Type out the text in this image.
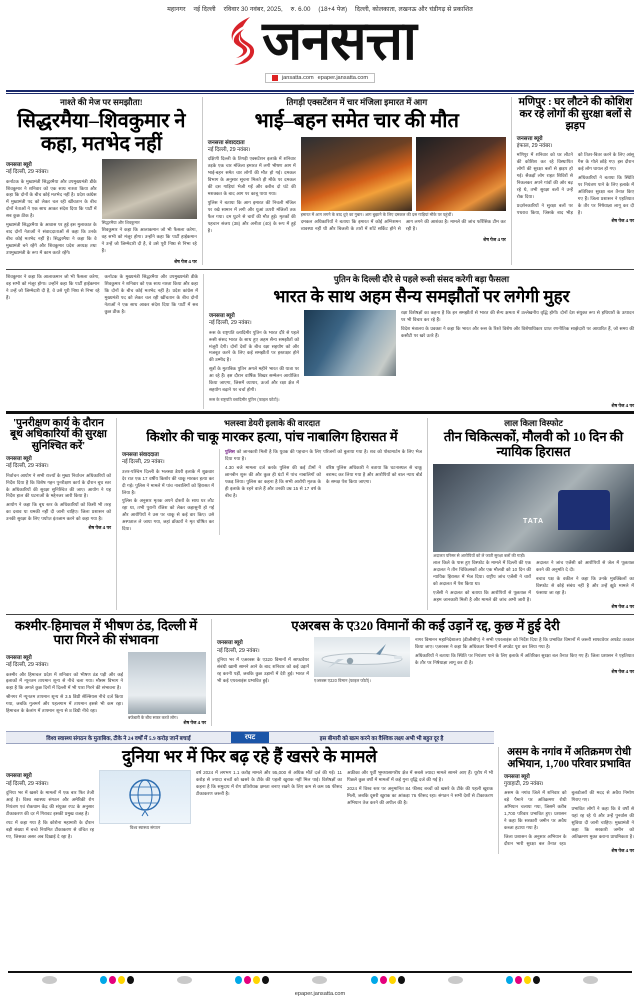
महानगर नई दिल्ली रविवार 30 नवंबर, 2025, रु. 6.00 (18+4 पेज) दिल्ली, कोलकाता, लखनऊ और चंडीगढ़ से प्रकाशित
जनसत्ता
jansatta.com epaper.jansatta.com
नाश्ते की मेज पर समझौता!
सिद्धरमैया–शिवकुमार ने कहा, मतभेद नहीं
जनसत्ता ब्यूरो
नई दिल्ली, 29 नवंबर।

कर्नाटक के मुख्यमंत्री सिद्धरमैया और उपमुख्यमंत्री डीके शिवकुमार ने शनिवार को एक साथ नाश्ता किया और कहा कि दोनों के बीच कोई मतभेद नहीं है। प्रदेश कांग्रेस में मुख्यमंत्री पद को लेकर चल रही खींचतान के बीच दोनों नेताओं ने एक साथ आकर संदेश दिया कि पार्टी में सब कुछ ठीक है।

मुख्यमंत्री सिद्धरमैया के आवास पर हुई इस मुलाकात के बाद दोनों नेताओं ने संवाददाताओं से कहा कि उनके बीच कोई मतभेद नहीं है। सिद्धरमैया ने कहा कि वे मुख्यमंत्री बने रहेंगे और शिवकुमार प्रदेश अध्यक्ष तथा उपमुख्यमंत्री के रूप में काम करते रहेंगे।

सिद्धरमैया और शिवकुमार

शिवकुमार ने कहा कि आलाकमान जो भी फैसला करेगा, वह सभी को मंजूर होगा। उन्होंने कहा कि पार्टी हाईकमान ने उन्हें जो जिम्मेदारी दी है, वे उसे पूरी निष्ठा से निभा रहे हैं।

शेष पेज 4 पर
तिगड़ी एक्सटेंशन में चार मंजिला इमारत में आग
भाई–बहन समेत चार की मौत
जनसत्ता संवाददाता
नई दिल्ली, 29 नवंबर।

दक्षिणी दिल्ली के तिगड़ी एक्सटेंशन इलाके में शनिवार तड़के एक चार मंजिला इमारत में लगी भीषण आग में भाई-बहन समेत चार लोगों की मौत हो गई। दमकल विभाग के अनुसार सूचना मिलते ही मौके पर दमकल की दस गाड़ियां भेजी गईं और करीब दो घंटे की मशक्कत के बाद आग पर काबू पाया गया।

पुलिस ने बताया कि आग इमारत की निचली मंजिल पर रखे सामान में लगी और धुआं ऊपरी मंजिलों तक फैल गया। दम घुटने से चारों की मौत हुई। मृतकों की पहचान संजय (38) और अनीता (40) के रूप में हुई है।

इमारत में आग लगने के बाद धुएं का गुबार। आग बुझाने के लिए दमकल की दस गाड़ियां मौके पर पहुंचीं।

दमकल अधिकारियों ने बताया कि इमारत में कोई अग्निशमन व्यवस्था नहीं थी और बिजली के तारों में शॉर्ट सर्किट होने से आग लगने की आशंका है। मामले की जांच फॉरेंसिक टीम कर रही है।

शेष पेज 4 पर
मणिपुर : घर लौटने की कोशिश कर रहे लोगों की सुरक्षा बलों से झड़प
जनसत्ता ब्यूरो
इंफाल, 29 नवंबर।

मणिपुर में शनिवार को घर लौटने की कोशिश कर रहे विस्थापित लोगों की सुरक्षा बलों से झड़प हो गई। सैकड़ों लोग राहत शिविरों से निकलकर अपने गांवों की ओर बढ़ रहे थे, तभी सुरक्षा बलों ने उन्हें रोक दिया।

प्रदर्शनकारियों ने सुरक्षा बलों पर पथराव किया, जिसके बाद भीड़ को तितर-बितर करने के लिए आंसू गैस के गोले छोड़े गए। इस दौरान कई लोग घायल हो गए।

अधिकारियों ने बताया कि स्थिति पर नियंत्रण पाने के लिए इलाके में अतिरिक्त सुरक्षा बल तैनात किए गए हैं। जिला प्रशासन ने एहतियात के तौर पर निषेधाज्ञा लागू कर दी है।

शेष पेज 4 पर

शिवकुमार ने कहा कि आलाकमान जो भी फैसला करेगा, वह सभी को मंजूर होगा। उन्होंने कहा कि पार्टी हाईकमान ने उन्हें जो जिम्मेदारी दी है, वे उसे पूरी निष्ठा से निभा रहे हैं।

कर्नाटक के मुख्यमंत्री सिद्धरमैया और उपमुख्यमंत्री डीके शिवकुमार ने शनिवार को एक साथ नाश्ता किया और कहा कि दोनों के बीच कोई मतभेद नहीं है। प्रदेश कांग्रेस में मुख्यमंत्री पद को लेकर चल रही खींचतान के बीच दोनों नेताओं ने एक साथ आकर संदेश दिया कि पार्टी में सब कुछ ठीक है।

पुतिन के दिल्ली दौरे से पहले रूसी संसद करेगी बड़ा फैसला
भारत के साथ अहम सैन्य समझौतों पर लगेगी मुहर
जनसत्ता ब्यूरो
नई दिल्ली, 29 नवंबर।

रूस के राष्ट्रपति व्लादिमीर पुतिन के भारत दौरे से पहले रूसी संसद भारत के साथ हुए अहम सैन्य समझौतों को मंजूरी देगी। दोनों देशों के बीच रक्षा सहयोग को और मजबूत करने के लिए कई समझौतों पर हस्ताक्षर होने की उम्मीद है।

सूत्रों के मुताबिक पुतिन अगले महीने भारत की यात्रा पर आ रहे हैं। इस दौरान वार्षिक शिखर सम्मेलन आयोजित किया जाएगा, जिसमें व्यापार, ऊर्जा और रक्षा क्षेत्र में सहयोग बढ़ाने पर चर्चा होगी।

रक्षा विशेषज्ञों का कहना है कि इन समझौतों से भारत की सैन्य क्षमता में उल्लेखनीय वृद्धि होगी। दोनों देश संयुक्त रूप से हथियारों के उत्पादन पर भी विचार कर रहे हैं।

विदेश मंत्रालय के प्रवक्ता ने कहा कि भारत और रूस के रिश्ते विशेष और विशेषाधिकार प्राप्त रणनीतिक साझेदारी पर आधारित हैं, जो समय की कसौटी पर खरे उतरे हैं।

रूस के राष्ट्रपति व्लादिमीर पुतिन (फाइल फोटो)।
शेष पेज 4 पर
'पुनरीक्षण कार्य के दौरान बूथ अधिकारियों की सुरक्षा सुनिश्चित करें'
जनसत्ता ब्यूरो
नई दिल्ली, 29 नवंबर।

निर्वाचन आयोग ने सभी राज्यों के मुख्य निर्वाचन अधिकारियों को निर्देश दिया है कि विशेष गहन पुनरीक्षण कार्य के दौरान बूथ स्तर के अधिकारियों की सुरक्षा सुनिश्चित की जाए। आयोग ने यह निर्देश हाल की घटनाओं के मद्देनजर जारी किया है।

आयोग ने कहा कि बूथ स्तर के अधिकारियों को किसी भी तरह का दबाव या धमकी नहीं दी जानी चाहिए। जिला प्रशासन को उनकी सुरक्षा के लिए पर्याप्त इंतजाम करने को कहा गया है।

शेष पेज 4 पर
भलस्वा डेयरी इलाके की वारदात
किशोर की चाकू मारकर हत्या, पांच नाबालिग हिरासत में
जनसत्ता संवाददाता
नई दिल्ली, 29 नवंबर।

उत्तर-पश्चिम दिल्ली के भलस्वा डेयरी इलाके में शुक्रवार देर रात एक 17 वर्षीय किशोर की चाकू मारकर हत्या कर दी गई। पुलिस ने मामले में पांच नाबालिगों को हिरासत में लिया है।

पुलिस के अनुसार मृतक अपने दोस्तों के साथ घर लौट रहा था, तभी पुरानी रंजिश को लेकर कहासुनी हो गई और आरोपियों ने उस पर चाकू से कई वार किए। उसे अस्पताल ले जाया गया, जहां डॉक्टरों ने मृत घोषित कर दिया।

पुलिस को जानकारी मिली है कि युवक की पहचान के लिए परिजनों को बुलाया गया है। शव को पोस्टमार्टम के लिए भेज दिया गया है।

4.30 बजे मामला दर्ज करके पुलिस की कई टीमों ने छानबीन शुरू की और कुछ ही घंटों में पांच नाबालिगों को पकड़ लिया। पुलिस का कहना है कि सभी आरोपी मृतक के ही इलाके के रहने वाले हैं और उनकी उम्र 15 से 17 वर्ष के बीच है।

वरिष्ठ पुलिस अधिकारी ने बताया कि घटनास्थल से चाकू बरामद कर लिया गया है और आरोपियों को बाल न्याय बोर्ड के समक्ष पेश किया जाएगा।

लाल किला विस्फोट
तीन चिकित्सकों, मौलवी को 10 दिन की न्यायिक हिरासत
TATA
अदालत परिसर से आरोपियों को ले जाती सुरक्षा बलों की गाड़ी।

लाल किले के पास हुए विस्फोट के मामले में दिल्ली की एक अदालत ने तीन चिकित्सकों और एक मौलवी को 10 दिन की न्यायिक हिरासत में भेज दिया। राष्ट्रीय जांच एजेंसी ने चारों को अदालत में पेश किया था।

एजेंसी ने अदालत को बताया कि आरोपियों से पूछताछ में अहम जानकारी मिली है और मामले की जांच अभी जारी है। अदालत ने जांच एजेंसी को आरोपियों से जेल में पूछताछ करने की अनुमति दे दी।

बचाव पक्ष के वकील ने कहा कि उनके मुवक्किलों का विस्फोट से कोई संबंध नहीं है और उन्हें झूठे मामले में फंसाया जा रहा है।

शेष पेज 4 पर
कश्मीर-हिमाचल में भीषण ठंड, दिल्ली में पारा गिरने की संभावना
जनसत्ता ब्यूरो
नई दिल्ली, 29 नवंबर।

कश्मीर और हिमाचल प्रदेश में शनिवार को भीषण ठंड पड़ी और कई इलाकों में न्यूनतम तापमान शून्य से नीचे चला गया। मौसम विभाग ने कहा है कि अगले कुछ दिनों में दिल्ली में भी पारा गिरने की संभावना है।

श्रीनगर में न्यूनतम तापमान शून्य से 3.5 डिग्री सेल्सियस नीचे दर्ज किया गया, जबकि गुलमर्ग और पहलगाम में तापमान इससे भी कम रहा। हिमाचल के केलांग में तापमान शून्य से 8 डिग्री नीचे रहा।

बर्फबारी के बीच सफर करते लोग।
शेष पेज 4 पर
एअरबस के ए320 विमानों की कई उड़ानें रद्द, कुछ में हुई देरी
जनसत्ता ब्यूरो
नई दिल्ली, 29 नवंबर।

दुनिया भर में एअरबस के ए320 विमानों में साफ्टवेयर संबंधी खामी सामने आने के बाद शनिवार को कई उड़ानें रद्द करनी पड़ीं, जबकि कुछ उड़ानों में देरी हुई। भारत में भी कई एयरलाइंस प्रभावित हुईं।	एअरबस ए320 विमान (फाइल फोटो)।

नागर विमानन महानिदेशालय (डीजीसीए) ने सभी एयरलाइंस को निर्देश दिया है कि प्रभावित विमानों में जरूरी साफ्टवेयर अपडेट तत्काल किया जाए। एअरबस ने कहा कि अधिकतर विमानों में अपडेट पूरा कर लिया गया है।

अधिकारियों ने बताया कि स्थिति पर नियंत्रण पाने के लिए इलाके में अतिरिक्त सुरक्षा बल तैनात किए गए हैं। जिला प्रशासन ने एहतियात के तौर पर निषेधाज्ञा लागू कर दी है।

शेष पेज 4 पर
विश्व स्वास्थ्य संगठन के मुताबिक, टीके ने 24 वर्षों में 5.9 करोड़ जानें बचाईं	रपट	इस बीमारी को खत्म करने का वैश्विक लक्ष्य अभी भी बहुत दूर है
दुनिया भर में फिर बढ़ रहे हैं खसरे के मामले
जनसत्ता ब्यूरो
नई दिल्ली, 29 नवंबर।

दुनिया भर में खसरे के मामलों में एक बार फिर तेजी आई है। विश्व स्वास्थ्य संगठन और अमेरिकी रोग नियंत्रण एवं रोकथाम केंद्र की संयुक्त रपट के अनुसार टीकाकरण की दर में गिरावट इसकी प्रमुख वजह है।

रपट में कहा गया है कि कोरोना महामारी के दौरान बड़ी संख्या में बच्चे नियमित टीकाकरण से वंचित रह गए, जिसका असर अब दिखाई दे रहा है।

विश्व स्वास्थ्य संगठन

वर्ष 2024 में लगभग 1.1 करोड़ मामले और 95,000 से अधिक मौतें दर्ज की गईं। 11 करोड़ से ज्यादा बच्चों को खसरे के टीके की पहली खुराक नहीं मिल पाई। विशेषज्ञों का कहना है कि समुदाय में रोग प्रतिरोधक क्षमता बनाए रखने के लिए कम से कम 95 फीसद टीकाकरण जरूरी है।

अफ्रीका और पूर्वी भूमध्यसागरीय क्षेत्र में सबसे ज्यादा मामले सामने आए हैं। यूरोप में भी पिछले कुछ वर्षों में मामलों में कई गुना वृद्धि दर्ज की गई है।

2024 में विश्व स्तर पर अनुमानित 84 फीसद बच्चों को खसरे के टीके की पहली खुराक मिली, जबकि दूसरी खुराक का आंकड़ा 76 फीसद रहा। संगठन ने सभी देशों से टीकाकरण अभियान तेज करने की अपील की है।

असम के नगांव में अतिक्रमण रोधी अभियान, 1,700 परिवार प्रभावित
जनसत्ता ब्यूरो
गुवाहाटी, 29 नवंबर।

असम के नगांव जिले में शनिवार को बड़े पैमाने पर अतिक्रमण रोधी अभियान चलाया गया, जिसमें करीब 1,700 परिवार प्रभावित हुए। प्रशासन ने कहा कि सरकारी जमीन पर अवैध कब्जा हटाया गया है।

जिला प्रशासन के अनुसार अभियान के दौरान भारी सुरक्षा बल तैनात रहा। बुलडोजरों की मदद से अवैध निर्माण गिराए गए।

प्रभावित लोगों ने कहा कि वे वर्षों से यहां रह रहे थे और उन्हें पुनर्वास की सुविधा दी जानी चाहिए। मुख्यमंत्री ने कहा कि सरकारी जमीन को अतिक्रमण मुक्त कराना प्राथमिकता है।

शेष पेज 4 पर
epaper.jansatta.com
